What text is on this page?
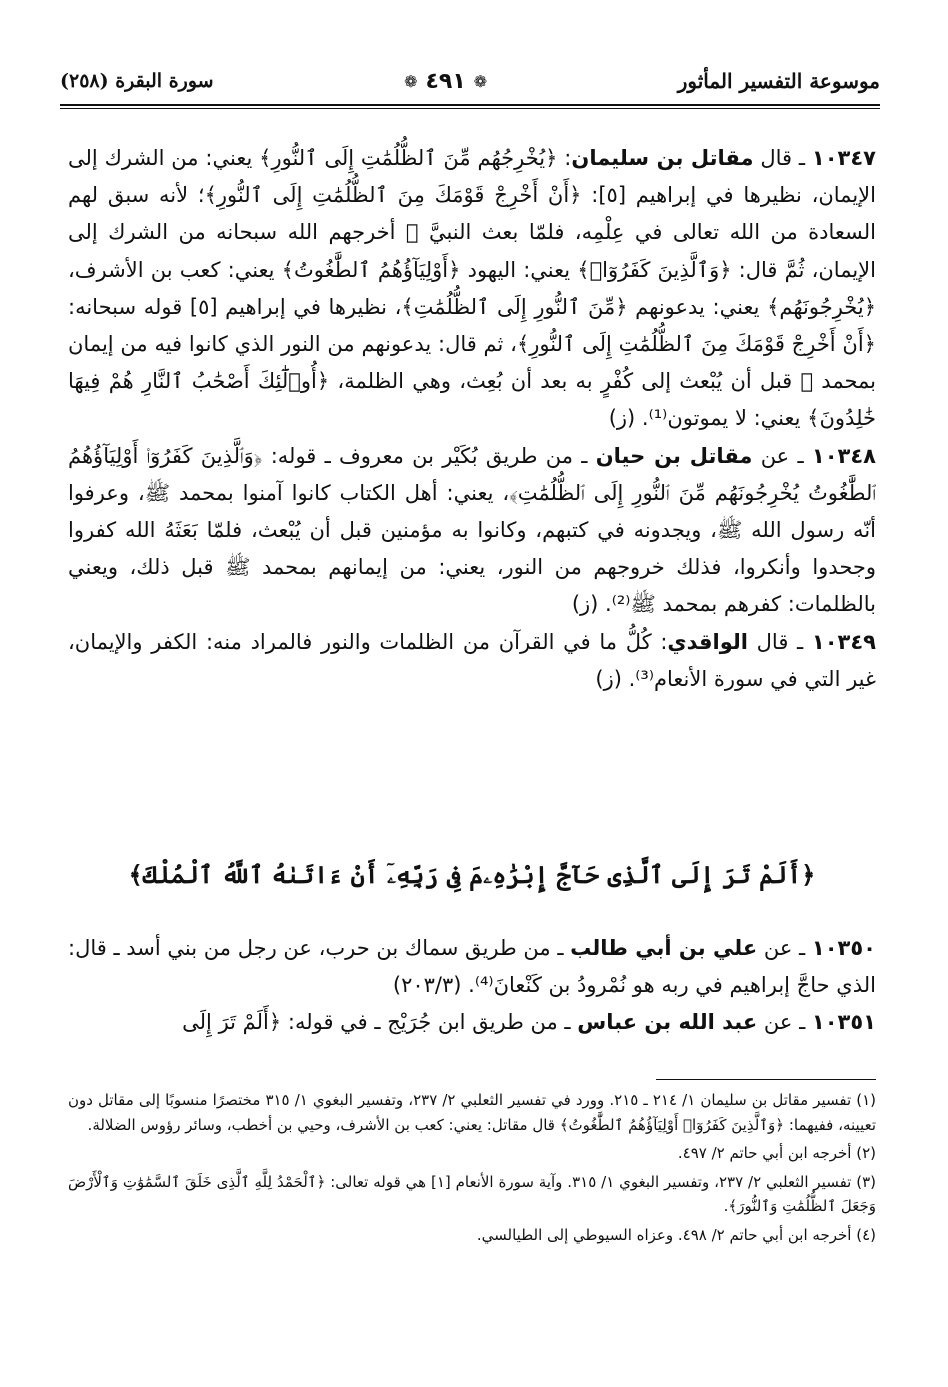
موسوعة التفسير المأثور
❁
٤٩١
❁
سورة البقرة (٢٥٨)

١٠٣٤٧ ـ قال مقاتل بن سليمان: ﴿يُخْرِجُهُم مِّنَ ٱلظُّلُمَٰتِ إِلَى ٱلنُّورِ﴾ يعني: من الشرك إلى الإيمان، نظيرها في إبراهيم [٥]: ﴿أَنْ أَخْرِجْ قَوْمَكَ مِنَ ٱلظُّلُمَٰتِ إِلَى ٱلنُّورِ﴾؛ لأنه سبق لهم السعادة من الله تعالى في عِلْمِه، فلمّا بعث النبيَّ ﷺ أخرجهم الله سبحانه من الشرك إلى الإيمان، ثُمَّ قال: ﴿وَٱلَّذِينَ كَفَرُوٓا۟﴾ يعني: اليهود ﴿أَوْلِيَآؤُهُمُ ٱلطَّٰغُوتُ﴾ يعني: كعب بن الأشرف، ﴿يُخْرِجُونَهُم﴾ يعني: يدعونهم ﴿مِّنَ ٱلنُّورِ إِلَى ٱلظُّلُمَٰتِ﴾، نظيرها في إبراهيم [٥] قوله سبحانه: ﴿أَنْ أَخْرِجْ قَوْمَكَ مِنَ ٱلظُّلُمَٰتِ إِلَى ٱلنُّورِ﴾، ثم قال: يدعونهم من النور الذي كانوا فيه من إيمان بمحمد ﷺ قبل أن يُبْعث إلى كُفْرٍ به بعد أن بُعِث، وهي الظلمة، ﴿أُو۟لَٰٓئِكَ أَصْحَٰبُ ٱلنَّارِ هُمْ فِيهَا خَٰلِدُونَ﴾ يعني: لا يموتون⁽¹⁾. (ز)

١٠٣٤٨ ـ عن مقاتل بن حيان ـ من طريق بُكَيْر بن معروف ـ قوله: ﴿وَٱلَّذِينَ كَفَرُوٓا۟ أَوْلِيَآؤُهُمُ ٱلطَّٰغُوتُ يُخْرِجُونَهُم مِّنَ ٱلنُّورِ إِلَى ٱلظُّلُمَٰتِ﴾، يعني: أهل الكتاب كانوا آمنوا بمحمد ﷺ، وعرفوا أنّه رسول الله ﷺ، ويجدونه في كتبهم، وكانوا به مؤمنين قبل أن يُبْعث، فلمّا بَعَثَهُ الله كفروا وجحدوا وأنكروا، فذلك خروجهم من النور، يعني: من إيمانهم بمحمد ﷺ قبل ذلك، ويعني بالظلمات: كفرهم بمحمد ﷺ⁽²⁾. (ز)

١٠٣٤٩ ـ قال الواقدي: كُلُّ ما في القرآن من الظلمات والنور فالمراد منه: الكفر والإيمان، غير التي في سورة الأنعام⁽³⁾. (ز)

﴿أَلَمْ تَرَ إِلَى ٱلَّذِى حَآجَّ إِبْرَٰهِۦمَ فِى رَبِّهِۦٓ أَنْ ءَاتَىٰهُ ٱللَّهُ ٱلْمُلْكَ﴾

١٠٣٥٠ ـ عن علي بن أبي طالب ـ من طريق سماك بن حرب، عن رجل من بني أسد ـ قال: الذي حاجَّ إبراهيم في ربه هو نُمْرودُ بن كَنْعانَ⁽⁴⁾. (٢٠٣/٣)

١٠٣٥١ ـ عن عبد الله بن عباس ـ من طريق ابن جُرَيْج ـ في قوله: ﴿أَلَمْ تَرَ إِلَى

(١) تفسير مقاتل بن سليمان ١/ ٢١٤ ـ ٢١٥. وورد في تفسير الثعلبي ٢/ ٢٣٧، وتفسير البغوي ١/ ٣١٥ مختصرًا منسوبًا إلى مقاتل دون تعيينه، ففيهما: ﴿وَٱلَّذِينَ كَفَرُوٓا۟ أَوْلِيَآؤُهُمُ ٱلطَّٰغُوتُ﴾ قال مقاتل: يعني: كعب بن الأشرف، وحيي بن أخطب، وسائر رؤوس الضلالة.

(٢) أخرجه ابن أبي حاتم ٢/ ٤٩٧.

(٣) تفسير الثعلبي ٢/ ٢٣٧، وتفسير البغوي ١/ ٣١٥. وآية سورة الأنعام [١] هي قوله تعالى: ﴿ٱلْحَمْدُ لِلَّهِ ٱلَّذِى خَلَقَ ٱلسَّمَٰوَٰتِ وَٱلْأَرْضَ وَجَعَلَ ٱلظُّلُمَٰتِ وَٱلنُّورَ﴾.

(٤) أخرجه ابن أبي حاتم ٢/ ٤٩٨. وعزاه السيوطي إلى الطيالسي.
